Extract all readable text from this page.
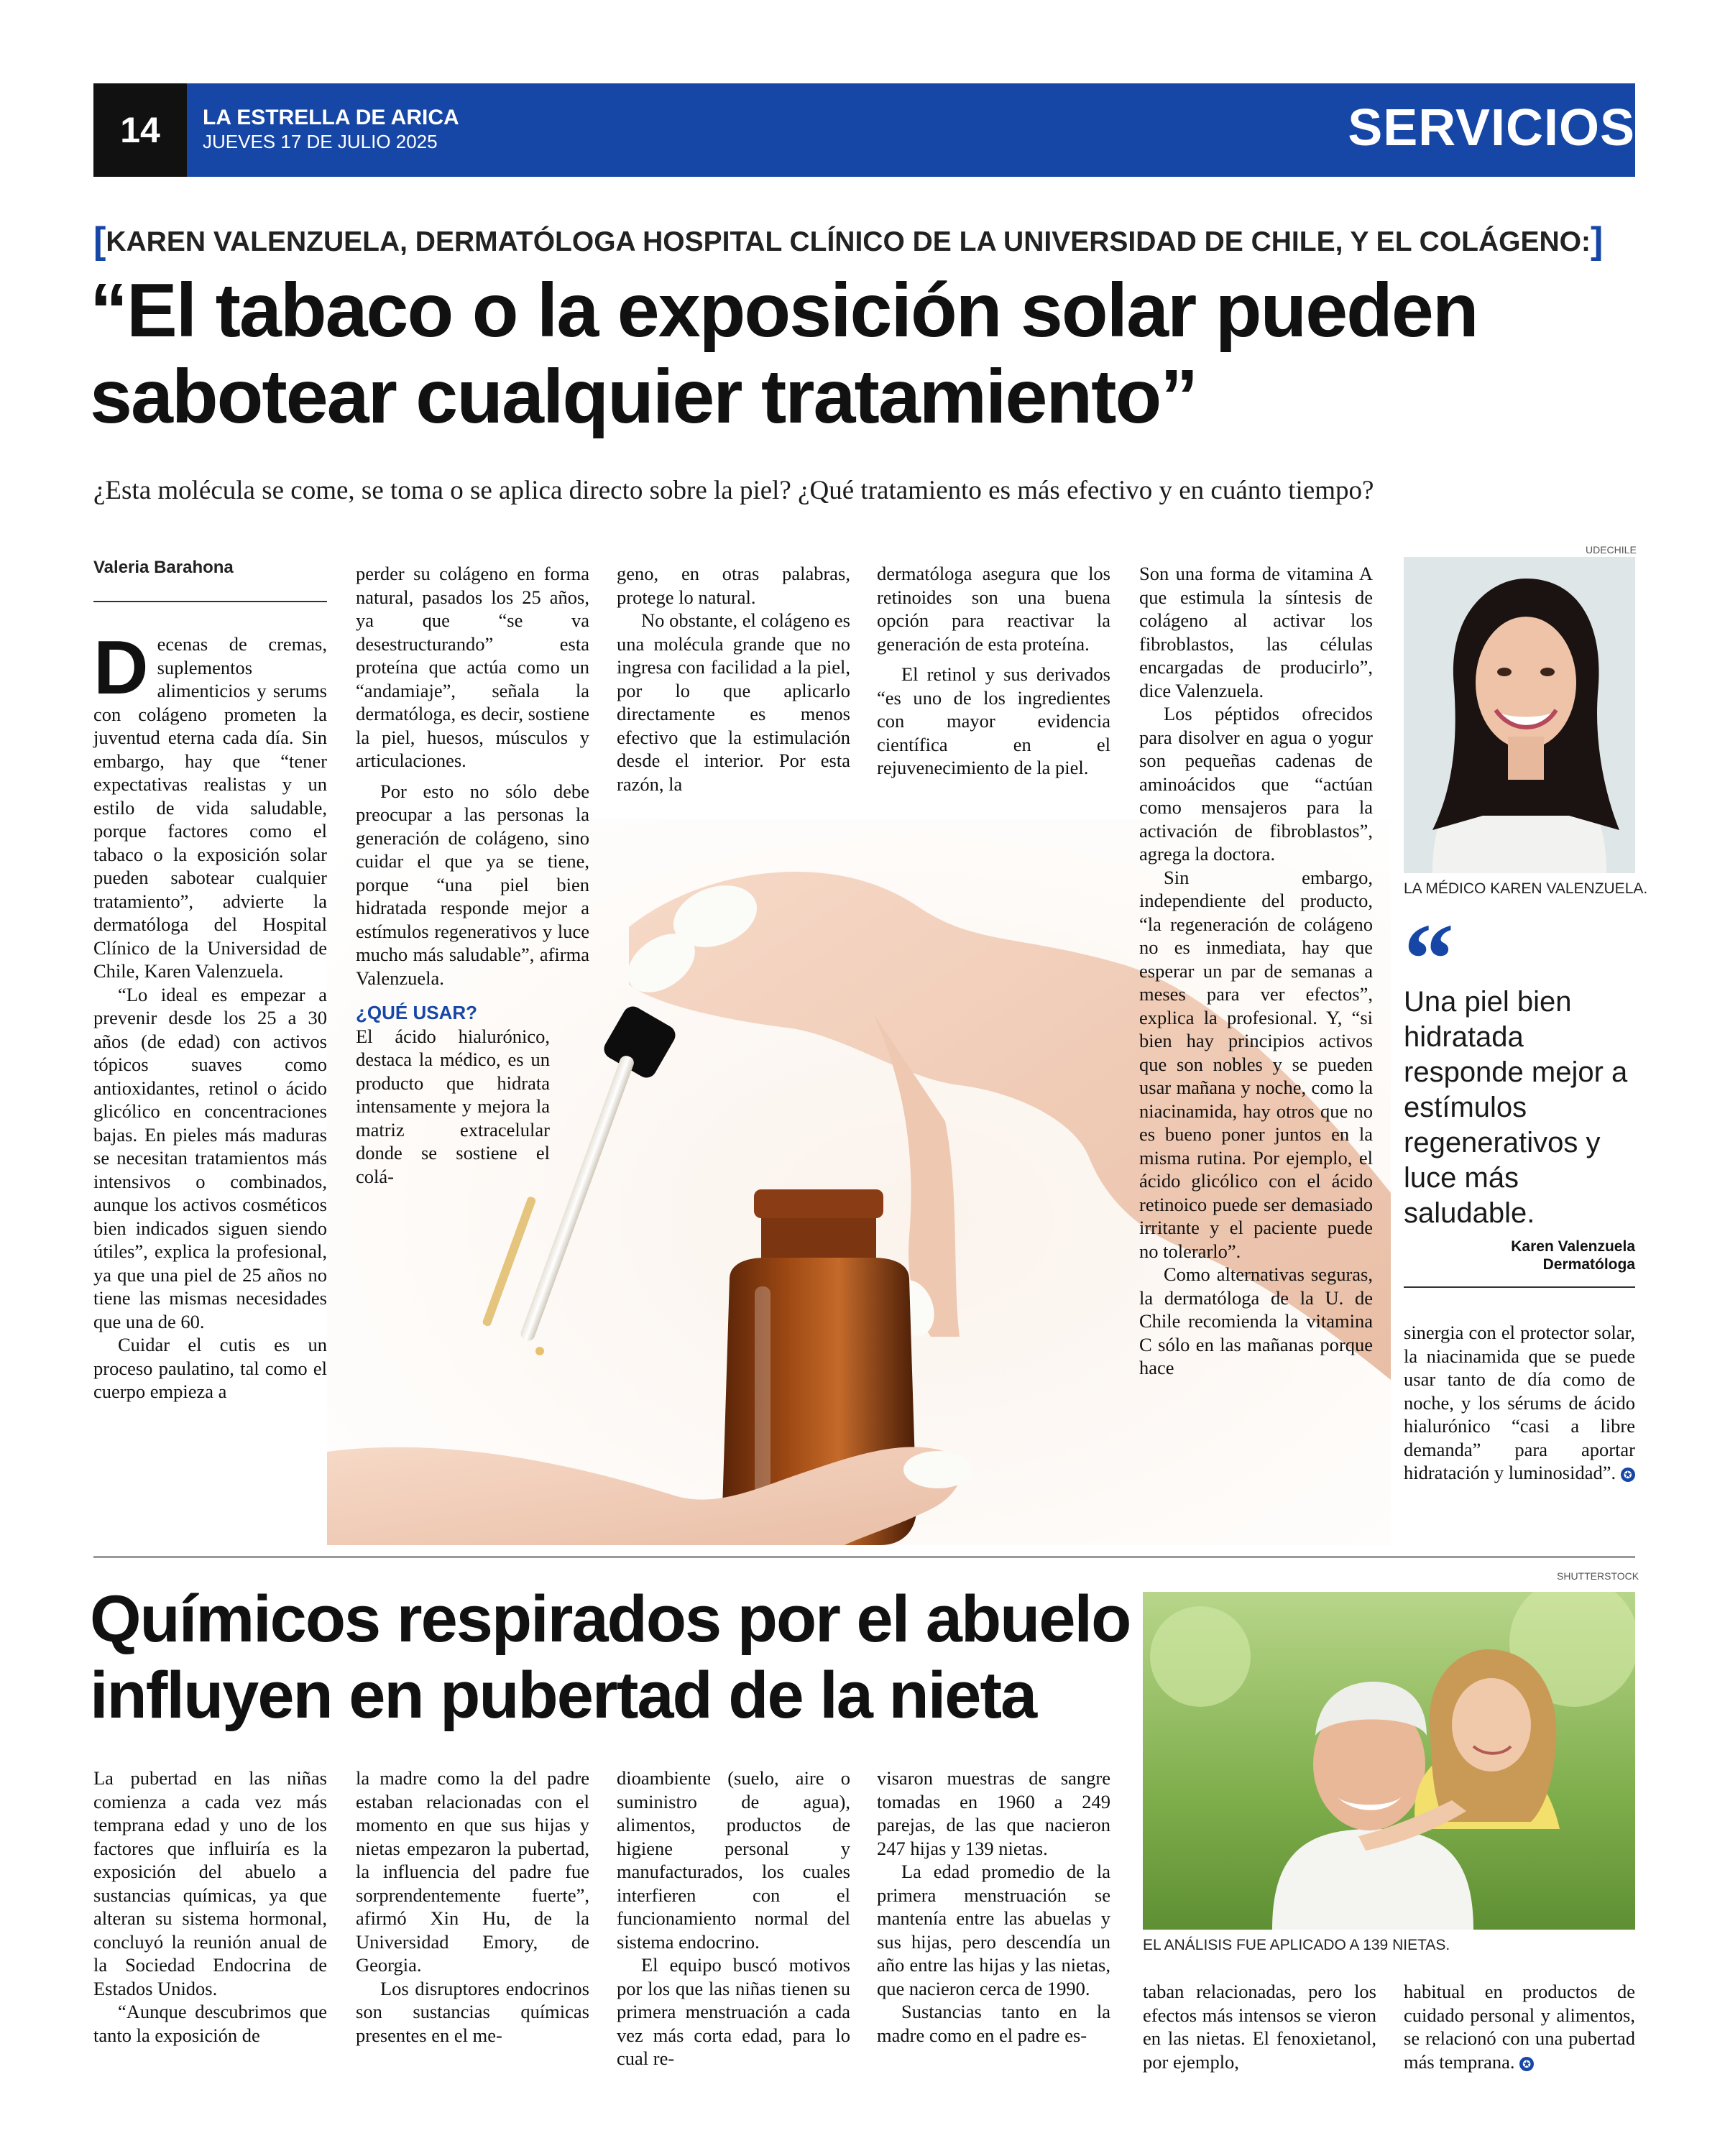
14	LA ESTRELLA DE ARICA
JUEVES 17 DE JULIO 2025	SERVICIOS
[KAREN VALENZUELA, DERMATÓLOGA HOSPITAL CLÍNICO DE LA UNIVERSIDAD DE CHILE, Y EL COLÁGENO:]
“El tabaco o la exposición solar pueden
sabotear cualquier tratamiento”
¿Esta molécula se come, se toma o se aplica directo sobre la piel? ¿Qué tratamiento es más efectivo y en cuánto tiempo?
Valeria Barahona

Decenas de cremas, suplementos alimenticios y serums con colágeno prometen la juventud eterna cada día. Sin embargo, hay que “tener expectativas realistas y un estilo de vida saludable, porque factores como el tabaco o la exposición solar pueden sabotear cualquier tratamiento”, advierte la dermatóloga del Hospital Clínico de la Universidad de Chile, Karen Valenzuela.

“Lo ideal es empezar a prevenir desde los 25 a 30 años (de edad) con activos tópicos suaves como antioxidantes, retinol o ácido glicólico en concentraciones bajas. En pieles más maduras se necesitan tratamientos más intensivos o combinados, aunque los activos cosméticos bien indicados siguen siendo útiles”, explica la profesional, ya que una piel de 25 años no tiene las mismas necesidades que una de 60.

Cuidar el cutis es un proceso paulatino, tal como el cuerpo empieza a

perder su colágeno en forma natural, pasados los 25 años, ya que “se va desestructurando” esta proteína que actúa como un “andamiaje”, señala la dermatóloga, es decir, sostiene la piel, huesos, músculos y articulaciones.

Por esto no sólo debe preocupar a las personas la generación de colágeno, sino cuidar el que ya se tiene, porque “una piel bien hidratada responde mejor a estímulos regenerativos y luce mucho más saludable”, afirma Valenzuela.

¿QUÉ USAR?

El ácido hialurónico, destaca la médico, es un producto que hidrata intensamente y mejora la matriz extracelular donde se sostiene el colá-

geno, en otras palabras, protege lo natural.

No obstante, el colágeno es una molécula grande que no ingresa con facilidad a la piel, por lo que aplicarlo directamente es menos efectivo que la estimulación desde el interior. Por esta razón, la

dermatóloga asegura que los retinoides son una buena opción para reactivar la generación de esta proteína.

El retinol y sus derivados “es uno de los ingredientes con mayor evidencia científica en el rejuvenecimiento de la piel.

Son una forma de vitamina A que estimula la síntesis de colágeno al activar los fibroblastos, las células encargadas de producirlo”, dice Valenzuela.

Los péptidos ofrecidos para disolver en agua o yogur son pequeñas cadenas de aminoácidos que “actúan como mensajeros para la activación de fibroblastos”, agrega la doctora.

Sin embargo, independiente del producto, “la regeneración de colágeno no es inmediata, hay que esperar un par de semanas a meses para ver efectos”, explica la profesional. Y, “si bien hay principios activos que son nobles y se pueden usar mañana y noche, como la niacinamida, hay otros que no es bueno poner juntos en la misma rutina. Por ejemplo, el ácido glicólico con el ácido retinoico puede ser demasiado irritante y el paciente puede no tolerarlo”.

Como alternativas seguras, la dermatóloga de la U. de Chile recomienda la vitamina C sólo en las mañanas porque hace

sinergia con el protector solar, la niacinamida que se puede usar tanto de día como de noche, y los sérums de ácido hialurónico “casi a libre demanda” para aportar hidratación y luminosidad”. ✪

UDECHILE
LA MÉDICO KAREN VALENZUELA.
“
Una piel bien hidratada responde mejor a estímulos regenerativos y luce más saludable.
Karen Valenzuela
Dermatóloga
SHUTTERSTOCK
Químicos respirados por el abuelo
influyen en pubertad de la nieta
EL ANÁLISIS FUE APLICADO A 139 NIETAS.

La pubertad en las niñas comienza a cada vez más temprana edad y uno de los factores que influiría es la exposición del abuelo a sustancias químicas, ya que alteran su sistema hormonal, concluyó la reunión anual de la Sociedad Endocrina de Estados Unidos.

“Aunque descubrimos que tanto la exposición de

la madre como la del padre estaban relacionadas con el momento en que sus hijas y nietas empezaron la pubertad, la influencia del padre fue sorprendentemente fuerte”, afirmó Xin Hu, de la Universidad Emory, de Georgia.

Los disruptores endocrinos son sustancias químicas presentes en el me-

dioambiente (suelo, aire o suministro de agua), alimentos, productos de higiene personal y manufacturados, los cuales interfieren con el funcionamiento normal del sistema endocrino.

El equipo buscó motivos por los que las niñas tienen su primera menstruación a cada vez más corta edad, para lo cual re-

visaron muestras de sangre tomadas en 1960 a 249 parejas, de las que nacieron 247 hijas y 139 nietas.

La edad promedio de la primera menstruación se mantenía entre las abuelas y sus hijas, pero descendía un año entre las hijas y las nietas, que nacieron cerca de 1990.

Sustancias tanto en la madre como en el padre es-

taban relacionadas, pero los efectos más intensos se vieron en las nietas. El fenoxietanol, por ejemplo,

habitual en productos de cuidado personal y alimentos, se relacionó con una pubertad más temprana. ✪
